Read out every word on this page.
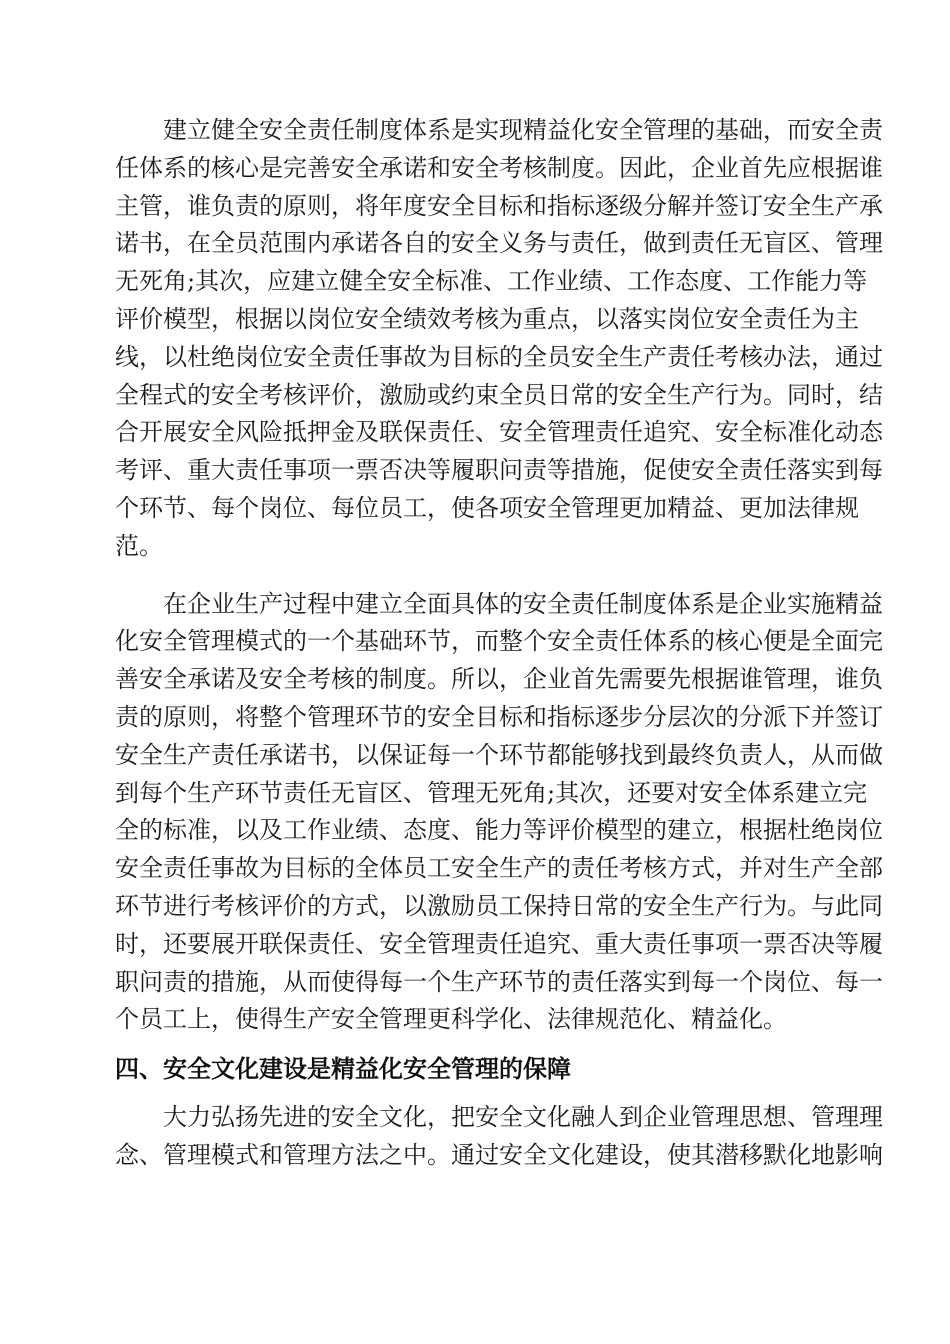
建立健全安全责任制度体系是实现精益化安全管理的基础，而安全责
任体系的核心是完善安全承诺和安全考核制度。因此，企业首先应根据谁
主管，谁负责的原则，将年度安全目标和指标逐级分解并签订安全生产承
诺书，在全员范围内承诺各自的安全义务与责任，做到责任无盲区、管理
无死角;其次，应建立健全安全标准、工作业绩、工作态度、工作能力等
评价模型，根据以岗位安全绩效考核为重点，以落实岗位安全责任为主
线，以杜绝岗位安全责任事故为目标的全员安全生产责任考核办法，通过
全程式的安全考核评价，激励或约束全员日常的安全生产行为。同时，结
合开展安全风险抵押金及联保责任、安全管理责任追究、安全标准化动态
考评、重大责任事项一票否决等履职问责等措施，促使安全责任落实到每
个环节、每个岗位、每位员工，使各项安全管理更加精益、更加法律规
范。
在企业生产过程中建立全面具体的安全责任制度体系是企业实施精益
化安全管理模式的一个基础环节，而整个安全责任体系的核心便是全面完
善安全承诺及安全考核的制度。所以，企业首先需要先根据谁管理，谁负
责的原则，将整个管理环节的安全目标和指标逐步分层次的分派下并签订
安全生产责任承诺书，以保证每一个环节都能够找到最终负责人，从而做
到每个生产环节责任无盲区、管理无死角;其次，还要对安全体系建立完
全的标准，以及工作业绩、态度、能力等评价模型的建立，根据杜绝岗位
安全责任事故为目标的全体员工安全生产的责任考核方式，并对生产全部
环节进行考核评价的方式，以激励员工保持日常的安全生产行为。与此同
时，还要展开联保责任、安全管理责任追究、重大责任事项一票否决等履
职问责的措施，从而使得每一个生产环节的责任落实到每一个岗位、每一
个员工上，使得生产安全管理更科学化、法律规范化、精益化。
四、安全文化建设是精益化安全管理的保障
大力弘扬先进的安全文化，把安全文化融人到企业管理思想、管理理
念、管理模式和管理方法之中。通过安全文化建设，使其潜移默化地影响
